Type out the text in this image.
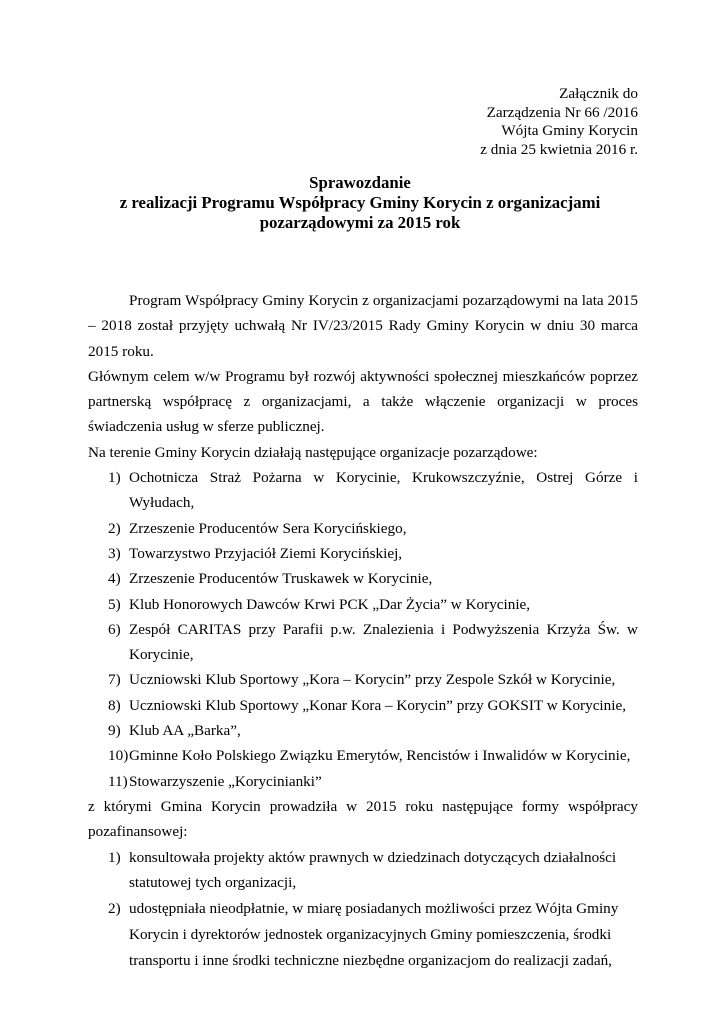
Załącznik do
Zarządzenia Nr 66 /2016
Wójta Gminy Korycin
z dnia 25 kwietnia 2016 r.
Sprawozdanie
z realizacji Programu Współpracy Gminy Korycin z organizacjami
pozarządowymi za 2015 rok

Program Współpracy Gminy Korycin z organizacjami pozarządowymi na lata 2015 – 2018 został przyjęty uchwałą Nr IV/23/2015 Rady Gminy Korycin w dniu 30 marca 2015 roku.

Głównym celem w/w Programu był rozwój aktywności społecznej mieszkańców poprzez partnerską współpracę z organizacjami, a także włączenie organizacji w proces świadczenia usług w sferze publicznej.

Na terenie Gminy Korycin działają następujące organizacje pozarządowe:

1) Ochotnicza Straż Pożarna w Korycinie, Krukowszczyźnie, Ostrej Górze i Wyłudach,
2) Zrzeszenie Producentów Sera Korycińskiego,
3) Towarzystwo Przyjaciół Ziemi Korycińskiej,
4) Zrzeszenie Producentów Truskawek w Korycinie,
5) Klub Honorowych Dawców Krwi PCK „Dar Życia” w Korycinie,
6) Zespół CARITAS przy Parafii p.w. Znalezienia i Podwyższenia Krzyża Św. w Korycinie,
7) Uczniowski Klub Sportowy „Kora – Korycin” przy Zespole Szkół w Korycinie,
8) Uczniowski Klub Sportowy „Konar Kora – Korycin” przy GOKSIT w Korycinie,
9) Klub AA „Barka”,
10) Gminne Koło Polskiego Związku Emerytów, Rencistów i Inwalidów w Korycinie,
11) Stowarzyszenie „Korycinianki”

z którymi Gmina Korycin prowadziła w 2015 roku następujące formy współpracy pozafinansowej:

1) konsultowała projekty aktów prawnych w dziedzinach dotyczących działalności
statutowej tych organizacji,
2) udostępniała nieodpłatnie, w miarę posiadanych możliwości przez Wójta Gminy
Korycin i dyrektorów jednostek organizacyjnych Gminy pomieszczenia, środki
transportu i inne środki techniczne niezbędne organizacjom do realizacji zadań,
